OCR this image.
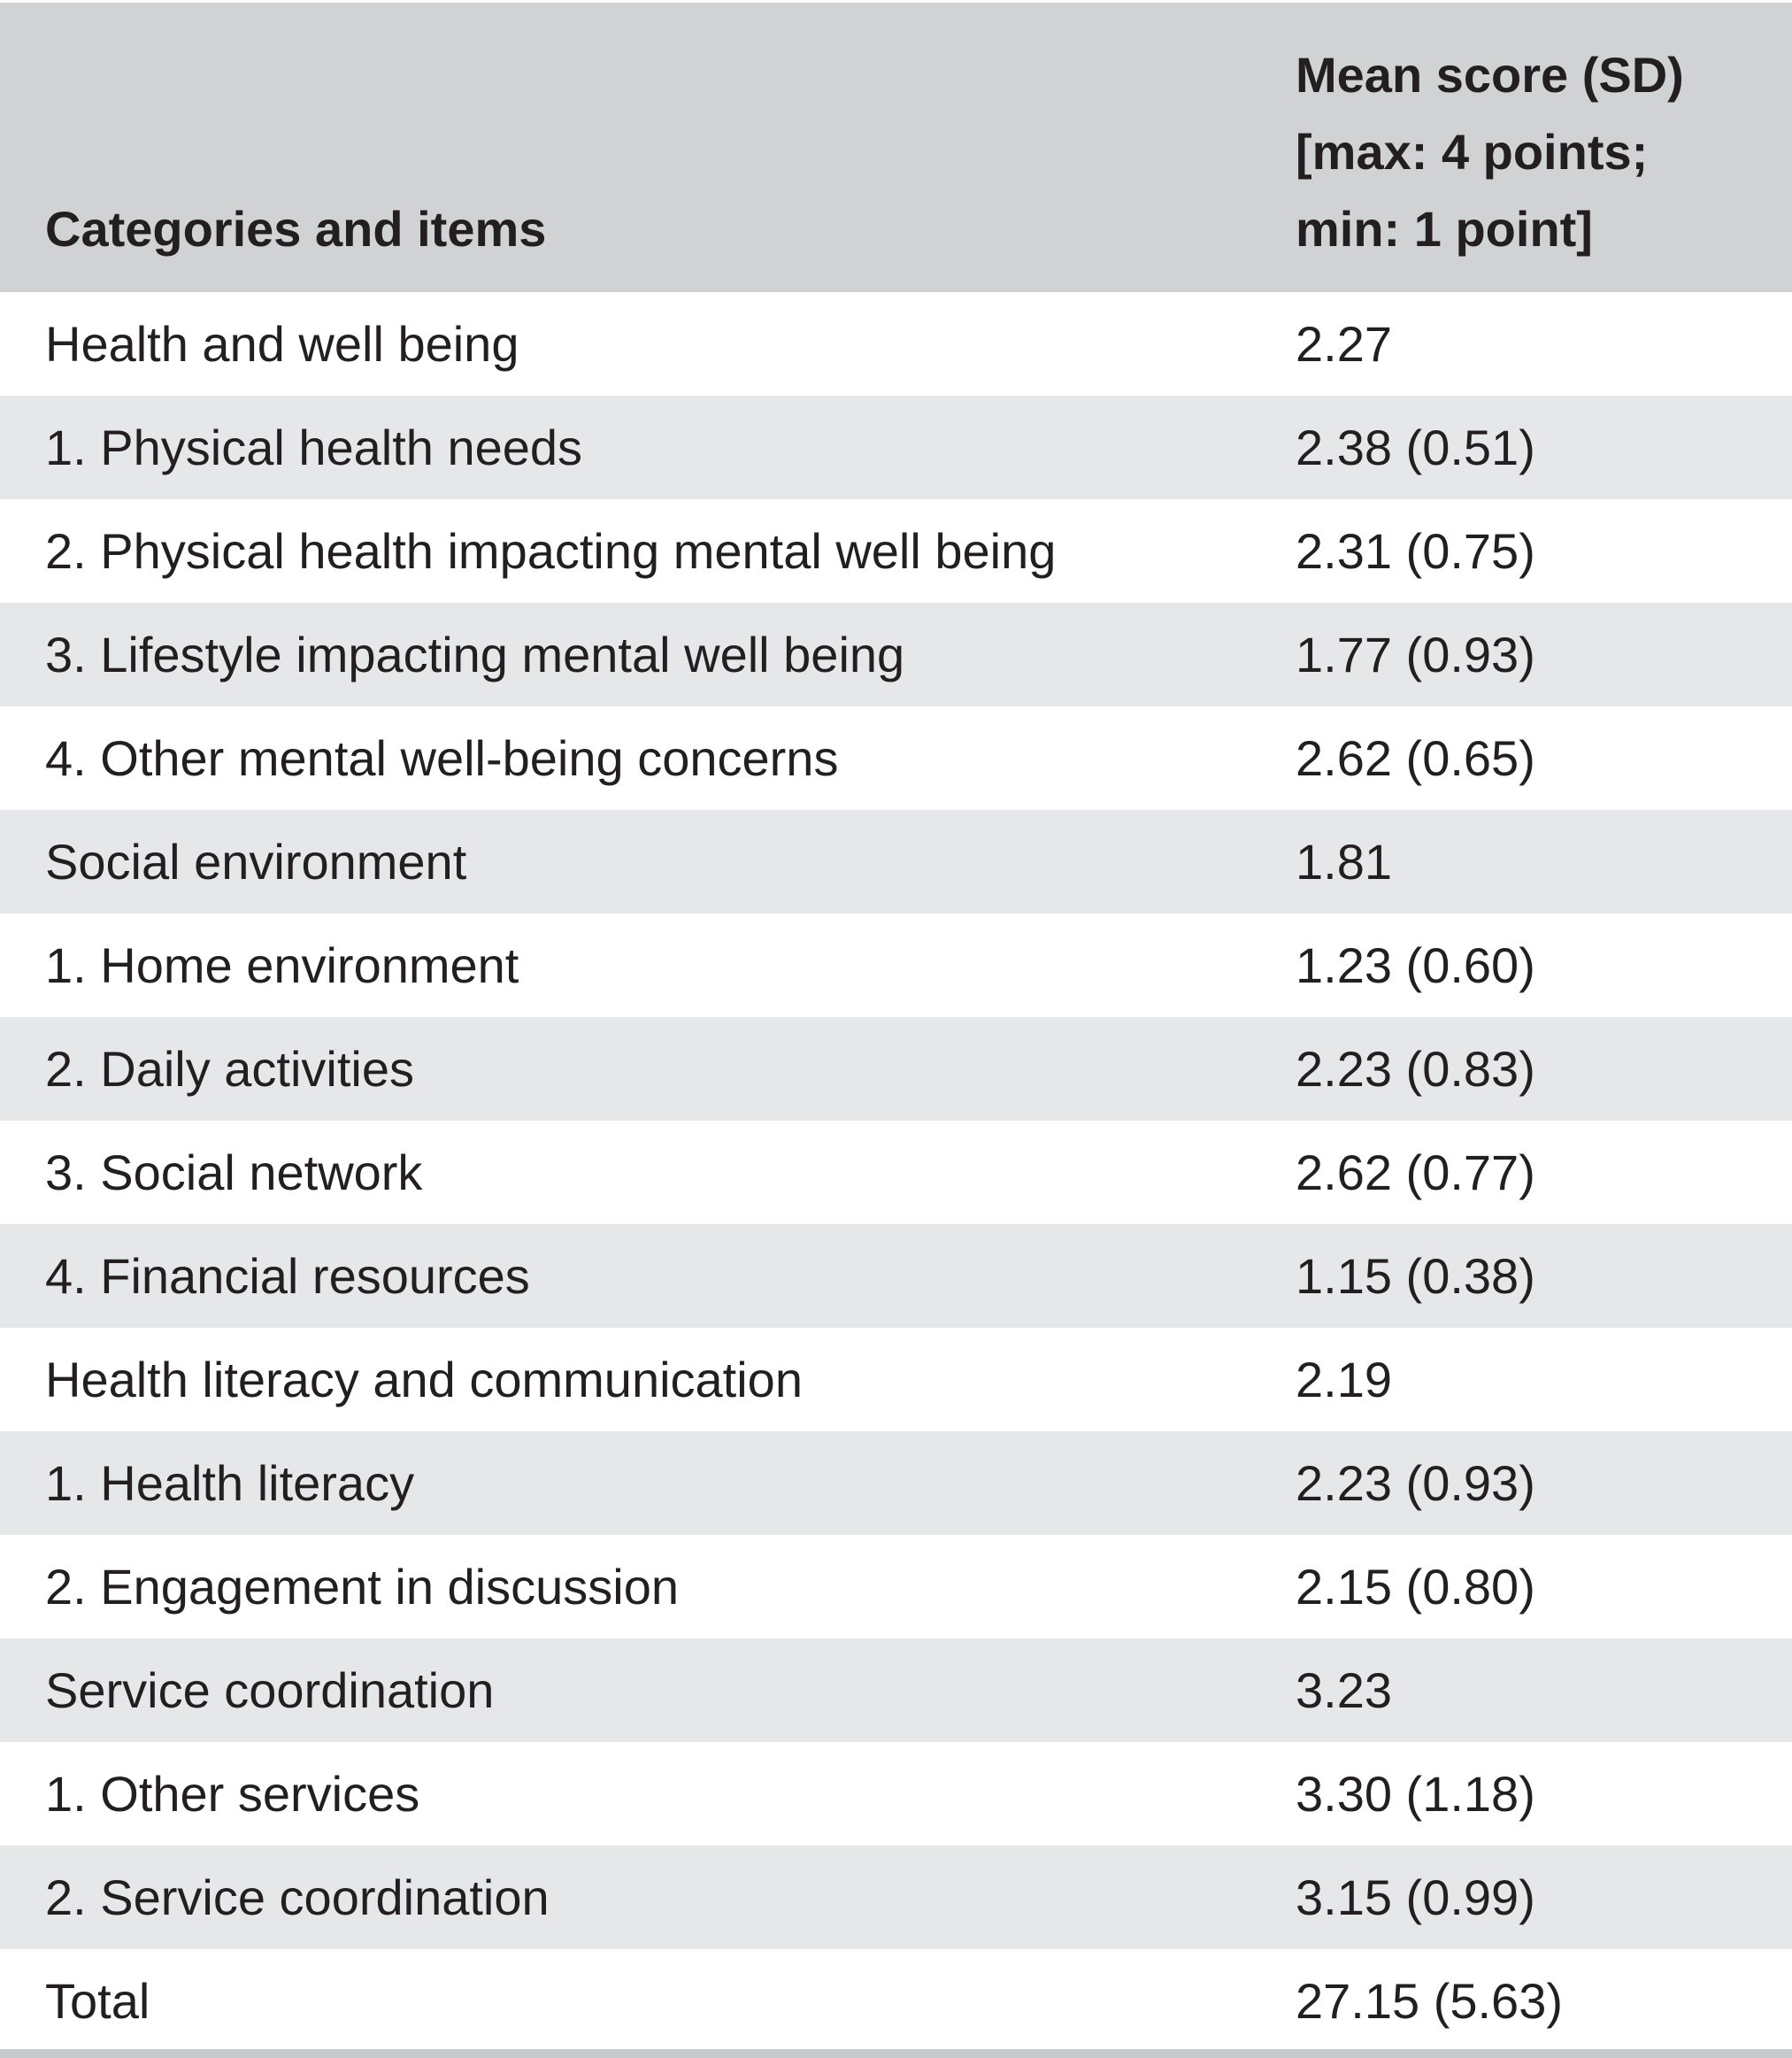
Categories and items	Mean score (SD)
[max: 4 points;
min: 1 point]

Health and well being	2.27
1. Physical health needs	2.38 (0.51)
2. Physical health impacting mental well being	2.31 (0.75)
3. Lifestyle impacting mental well being	1.77 (0.93)
4. Other mental well-being concerns	2.62 (0.65)
Social environment	1.81
1. Home environment	1.23 (0.60)
2. Daily activities	2.23 (0.83)
3. Social network	2.62 (0.77)
4. Financial resources	1.15 (0.38)
Health literacy and communication	2.19
1. Health literacy	2.23 (0.93)
2. Engagement in discussion	2.15 (0.80)
Service coordination	3.23
1. Other services	3.30 (1.18)
2. Service coordination	3.15 (0.99)
Total	27.15 (5.63)
